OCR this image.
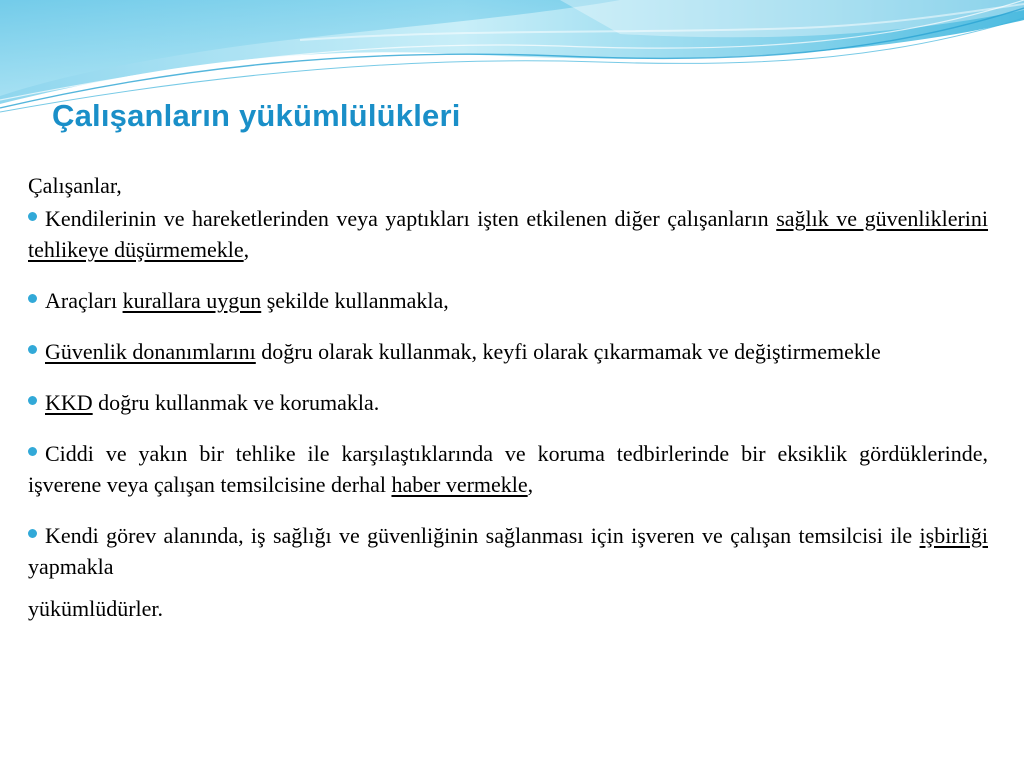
Çalışanların yükümlülükleri

Çalışanlar,

Kendilerinin ve hareketlerinden veya yaptıkları işten etkilenen diğer çalışanların sağlık ve güvenliklerini tehlikeye düşürmemekle,

Araçları kurallara uygun şekilde kullanmakla,

Güvenlik donanımlarını doğru olarak kullanmak, keyfi olarak çıkarmamak ve değiştirmemekle

KKD doğru kullanmak ve korumakla.

Ciddi ve yakın bir tehlike ile karşılaştıklarında ve koruma tedbirlerinde bir eksiklik gördüklerinde, işverene veya çalışan temsilcisine derhal haber vermekle,

Kendi görev alanında, iş sağlığı ve güvenliğinin sağlanması için işveren ve çalışan temsilcisi ile işbirliği yapmakla

yükümlüdürler.
